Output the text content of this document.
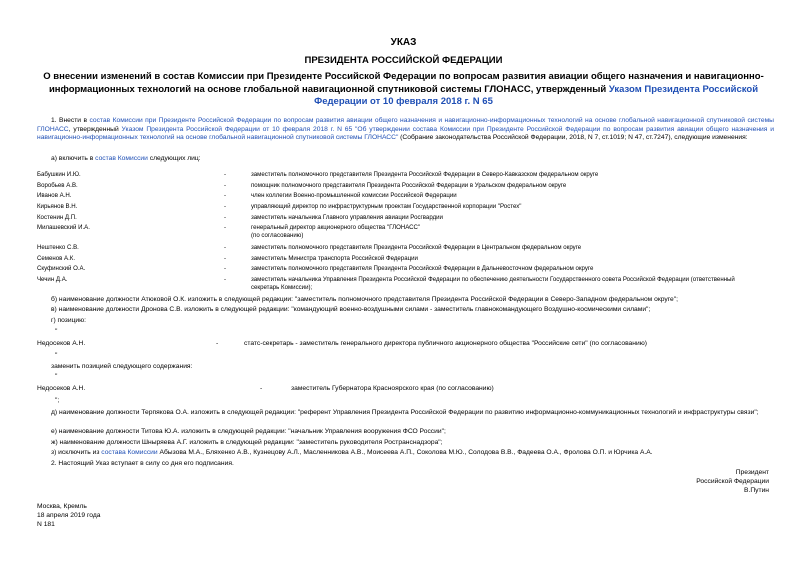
УКАЗ
ПРЕЗИДЕНТА РОССИЙСКОЙ ФЕДЕРАЦИИ
О внесении изменений в состав Комиссии при Президенте Российской Федерации по вопросам развития авиации общего назначения и навигационно-информационных технологий на основе глобальной навигационной спутниковой системы ГЛОНАСС, утвержденный Указом Президента Российской Федерации от 10 февраля 2018 г. N 65
1. Внести в состав Комиссии при Президенте Российской Федерации по вопросам развития авиации общего назначения и навигационно-информационных технологий на основе глобальной навигационной спутниковой системы ГЛОНАСС, утвержденный Указом Президента Российской Федерации от 10 февраля 2018 г. N 65 "Об утверждении состава Комиссии при Президенте Российской Федерации по вопросам развития авиации общего назначения и навигационно-информационных технологий на основе глобальной навигационной спутниковой системы ГЛОНАСС" (Собрание законодательства Российской Федерации, 2018, N 7, ст.1019; N 47, ст.7247), следующие изменения:
а) включить в состав Комиссии следующих лиц:
Бабушкин И.Ю.	-	заместитель полномочного представителя Президента Российской Федерации в Северо-Кавказском федеральном округе
Воробьев А.В.	-	помощник полномочного представителя Президента Российской Федерации в Уральском федеральном округе
Иванов А.Н.	-	член коллегии Военно-промышленной комиссии Российской Федерации
Кирьянов В.Н.	-	управляющий директор по инфраструктурным проектам Государственной корпорации "Ростех"
Костенин Д.П.	-	заместитель начальника Главного управления авиации Росгвардии
Милашевский И.А.	-	генеральный директор акционерного общества "ГЛОНАСС"
(по согласованию)
Нештенко С.В.	-	заместитель полномочного представителя Президента Российской Федерации в Центральном федеральном округе
Семенов А.К.	-	заместитель Министра транспорта Российской Федерации
Скуфинский О.А.	-	заместитель полномочного представителя Президента Российской Федерации в Дальневосточном федеральном округе
Чечин Д.А.	-	заместитель начальника Управления Президента Российской Федерации по обеспечению деятельности Государственного совета Российской Федерации (ответственный
секретарь Комиссии);
б) наименование должности Атюковой О.К. изложить в следующей редакции: "заместитель полномочного представителя Президента Российской Федерации в Северо-Западном федеральном округе";
в) наименование должности Дронова С.В. изложить в следующей редакции: "командующий военно-воздушными силами - заместитель главнокомандующего Воздушно-космическими силами";
г) позицию:
"
Недосеков А.Н.	-	статс-секретарь - заместитель генерального директора публичного акционерного общества "Российские сети" (по согласованию)
"
заменить позицией следующего содержания:
"
Недосеков А.Н.	-	заместитель Губернатора Красноярского края (по согласованию)
";
д) наименование должности Терпякова О.А. изложить в следующей редакции: "референт Управления Президента Российской Федерации по развитию информационно-коммуникационных технологий и инфраструктуры связи";
е) наименование должности Титова Ю.А. изложить в следующей редакции: "начальник Управления вооружения ФСО России";
ж) наименование должности Шныряева А.Г. изложить в следующей редакции: "заместитель руководителя Ространснадзора";
з) исключить из состава Комиссии Абызова М.А., Бляхенко А.В., Кузнецову А.Л., Масленникова А.В., Моисеева А.П., Соколова М.Ю., Солодова В.В., Фадеева О.А., Фролова О.П. и Юрчика А.А.
2. Настоящий Указ вступает в силу со дня его подписания.
Президент
Российской Федерации
В.Путин
Москва, Кремль
18 апреля 2019 года
N 181
